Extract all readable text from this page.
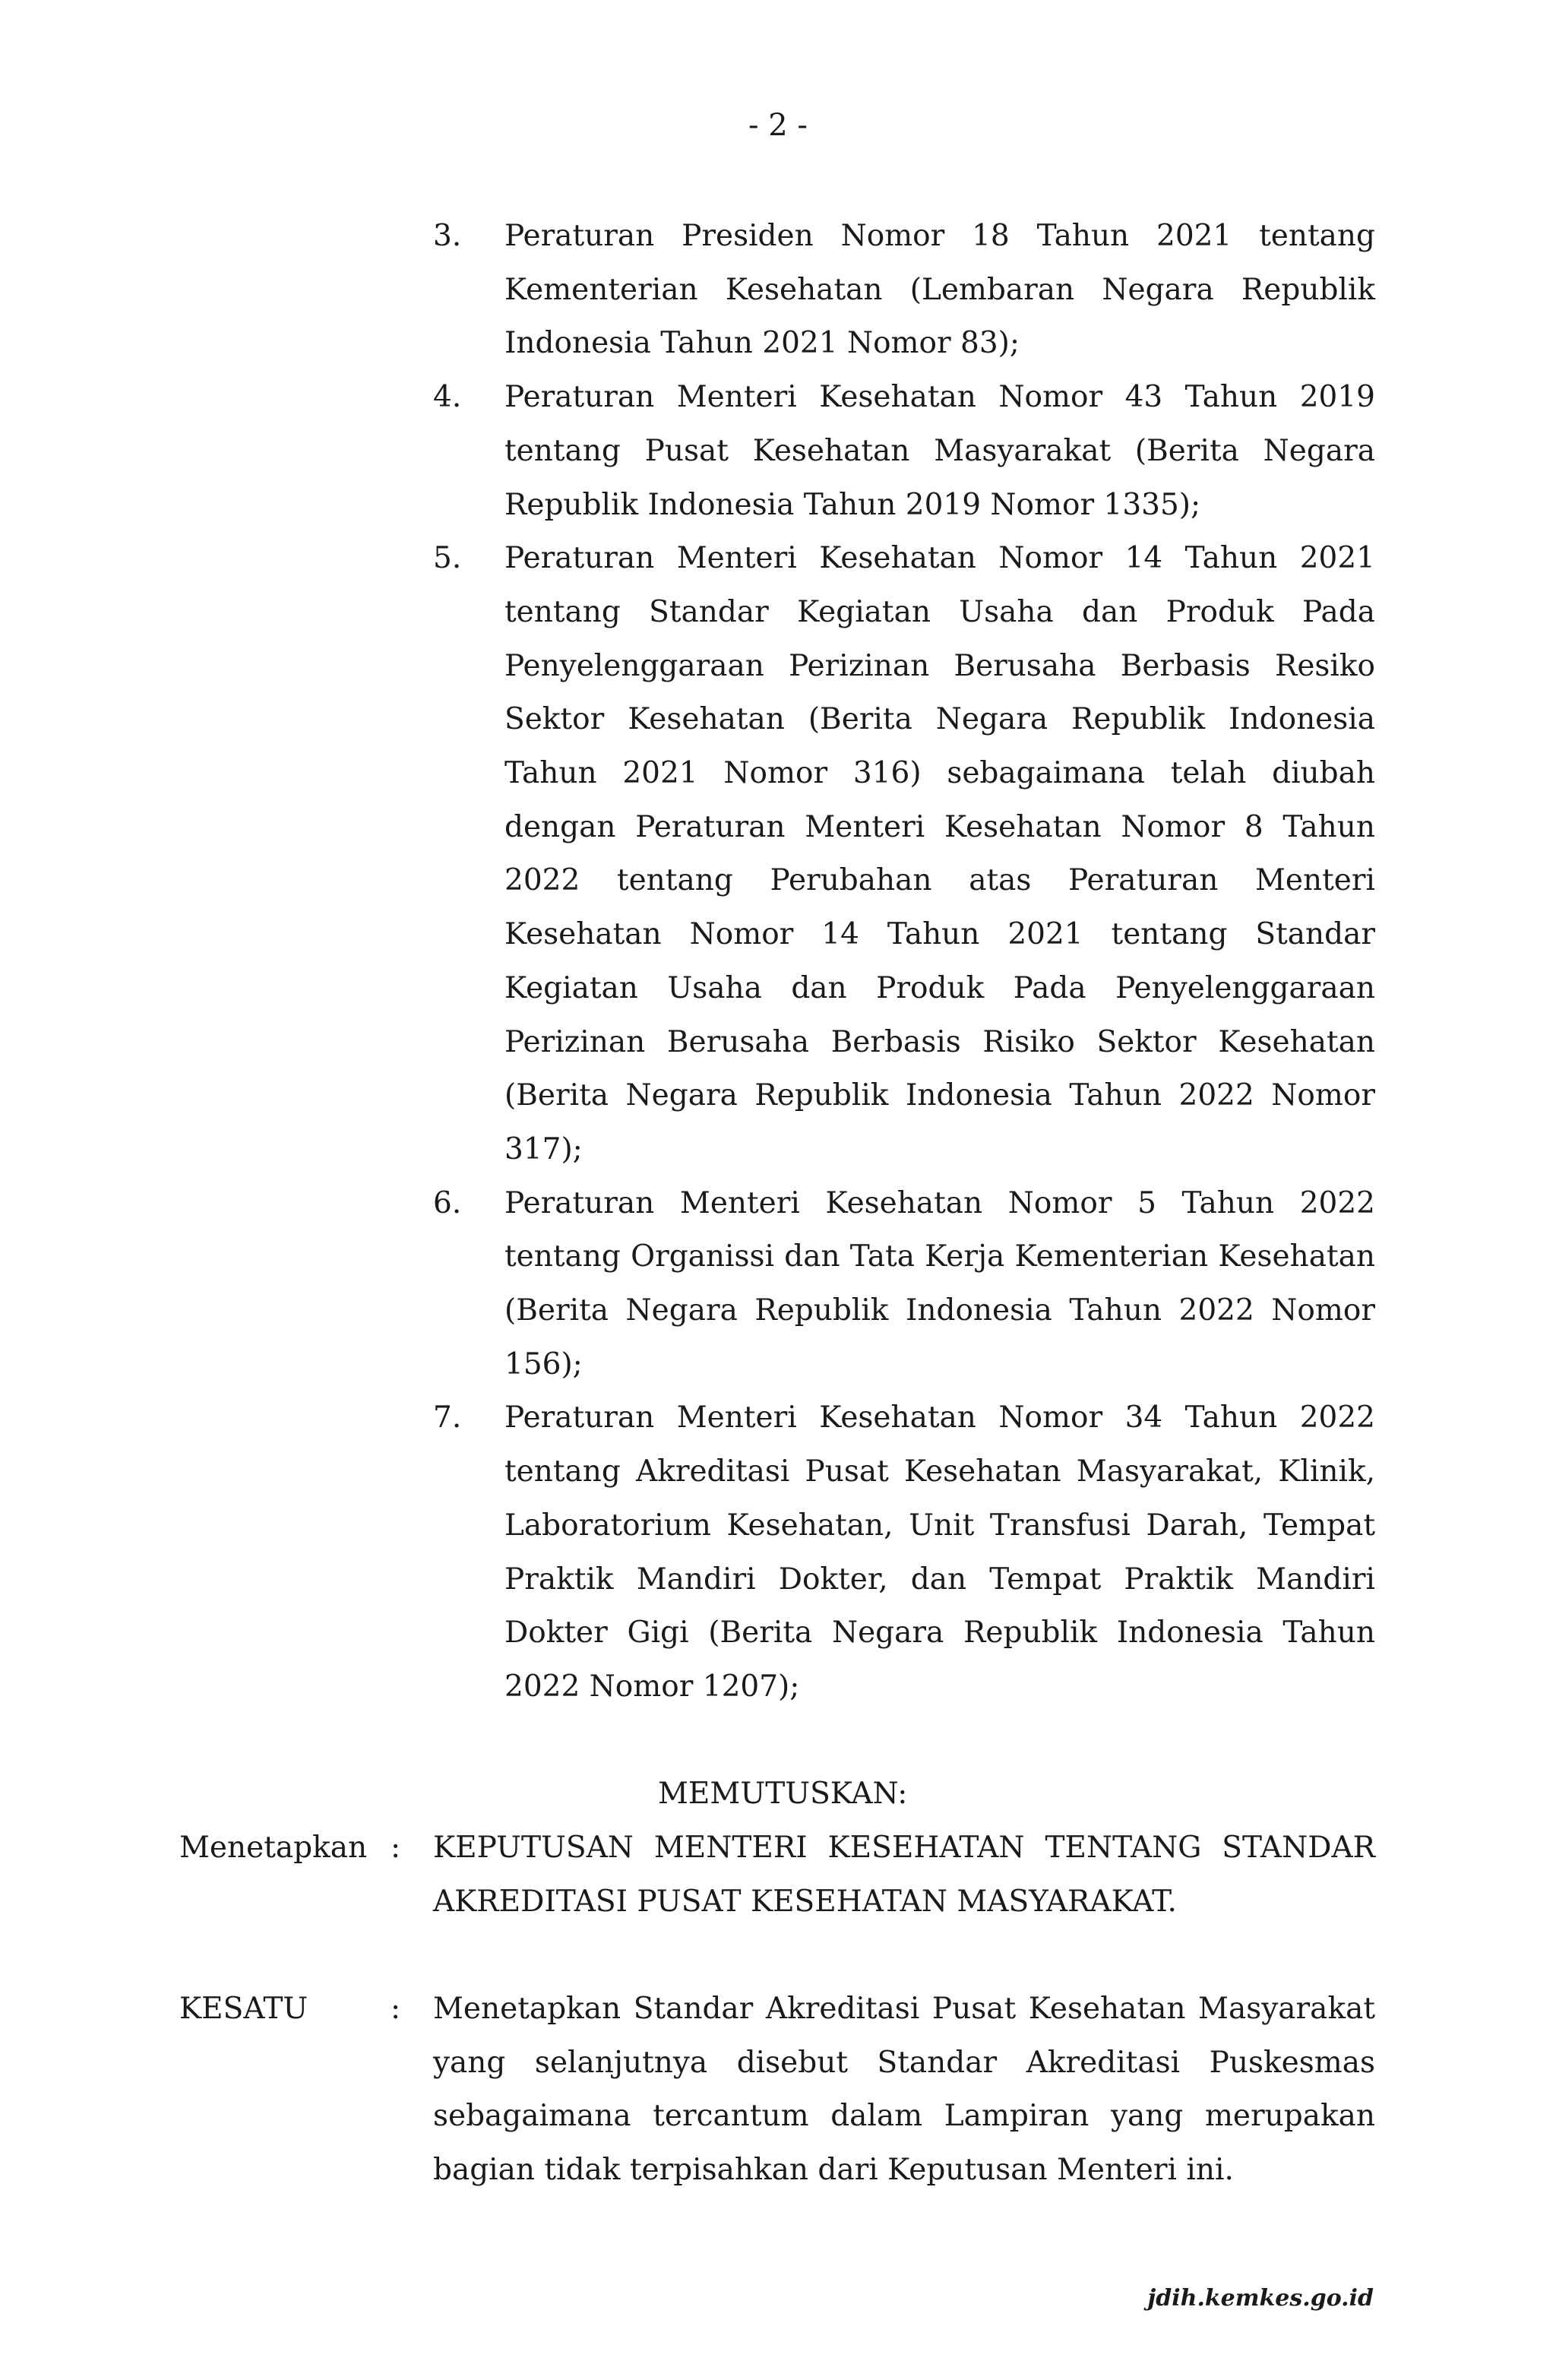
- 2 -
3.	Peraturan Presiden Nomor 18 Tahun 2021 tentang Kementerian Kesehatan (Lembaran Negara Republik Indonesia Tahun 2021 Nomor 83);
4.	Peraturan Menteri Kesehatan Nomor 43 Tahun 2019 tentang Pusat Kesehatan Masyarakat (Berita Negara Republik Indonesia Tahun 2019 Nomor 1335);
5.	Peraturan Menteri Kesehatan Nomor 14 Tahun 2021 tentang Standar Kegiatan Usaha dan Produk Pada Penyelenggaraan Perizinan Berusaha Berbasis Resiko Sektor Kesehatan (Berita Negara Republik Indonesia Tahun 2021 Nomor 316) sebagaimana telah diubah dengan Peraturan Menteri Kesehatan Nomor 8 Tahun 2022 tentang Perubahan atas Peraturan Menteri Kesehatan Nomor 14 Tahun 2021 tentang Standar Kegiatan Usaha dan Produk Pada Penyelenggaraan Perizinan Berusaha Berbasis Risiko Sektor Kesehatan (Berita Negara Republik Indonesia Tahun 2022 Nomor 317);
6.	Peraturan Menteri Kesehatan Nomor 5 Tahun 2022 tentang Organissi dan Tata Kerja Kementerian Kesehatan (Berita Negara Republik Indonesia Tahun 2022 Nomor 156);
7.	Peraturan Menteri Kesehatan Nomor 34 Tahun 2022 tentang Akreditasi Pusat Kesehatan Masyarakat, Klinik, Laboratorium Kesehatan, Unit Transfusi Darah, Tempat Praktik Mandiri Dokter, dan Tempat Praktik Mandiri Dokter Gigi (Berita Negara Republik Indonesia Tahun 2022 Nomor 1207);
MEMUTUSKAN:
Menetapkan :	KEPUTUSAN MENTERI KESEHATAN TENTANG STANDAR AKREDITASI PUSAT KESEHATAN MASYARAKAT.
KESATU	:	Menetapkan Standar Akreditasi Pusat Kesehatan Masyarakat yang selanjutnya disebut Standar Akreditasi Puskesmas sebagaimana tercantum dalam Lampiran yang merupakan bagian tidak terpisahkan dari Keputusan Menteri ini.
jdih.kemkes.go.id
